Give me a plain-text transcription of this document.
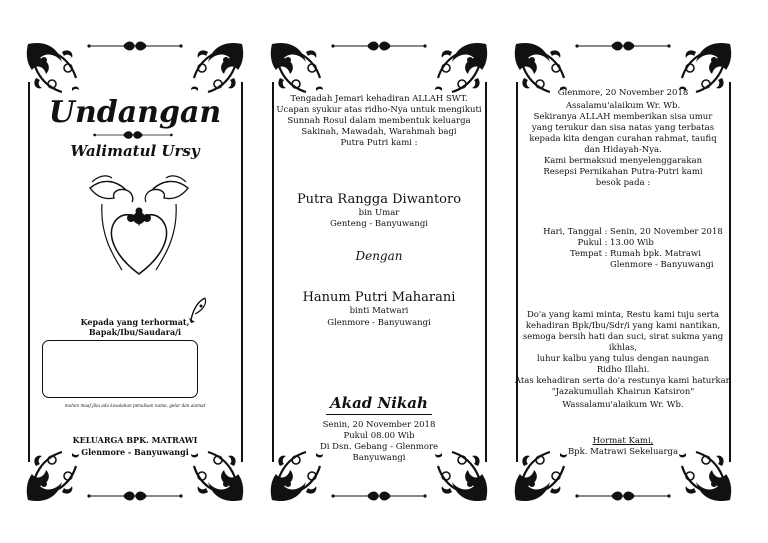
Undangan
Walimatul Ursy
Kepada yang terhormat,
Bapak/Ibu/Saudara/i
mohon maaf jika ada kesalahan penulisan nama, gelar dan alamat
KELUARGA BPK. MATRAWI
Glenmore - Banyuwangi
Tengadah Jemari kehadiran ALLAH SWT.
Ucapan syukur atas ridho-Nya untuk mengikuti
Sunnah Rosul dalam membentuk keluarga
Sakinah, Mawadah, Warahmah bagi
Putra Putri kami :
Putra Rangga Diwantoro
bin Umar
Genteng - Banyuwangi
Dengan
Hanum Putri Maharani
binti Matwari
Glenmore - Banyuwangi
Akad Nikah
Senin, 20 November 2018
Pukul 08.00 Wib
Di Dsn. Gebang - Glenmore
Banyuwangi
Glenmore, 20 November 2018
Assalamu'alaikum Wr. Wb.
Sekiranya ALLAH memberikan sisa umur
yang terukur dan sisa natas yang terbatas
kepada kita dengan curahan rahmat, taufiq
dan Hidayah-Nya.
Kami bermaksud menyelenggarakan
Resepsi Pernikahan Putra-Putri kami
besok pada :
Hari, Tanggal : Senin, 20 November 2018
Pukul : 13.00 Wib
Tempat : Rumah bpk. Matrawi
Glenmore - Banyuwangi
Do'a yang kami minta, Restu kami tuju serta
kehadiran Bpk/Ibu/Sdr/i yang kami nantikan,
semoga bersih hati dan suci, sirat sukma yang ikhlas,
luhur kalbu yang tulus dengan naungan
Ridho Illahi.
Atas kehadiran serta do'a restunya kami haturkan
"Jazakumullah Khairun Katsiron"
Wassalamu'alaikum Wr. Wb.
Hormat Kami,
Bpk. Matrawi Sekeluarga
